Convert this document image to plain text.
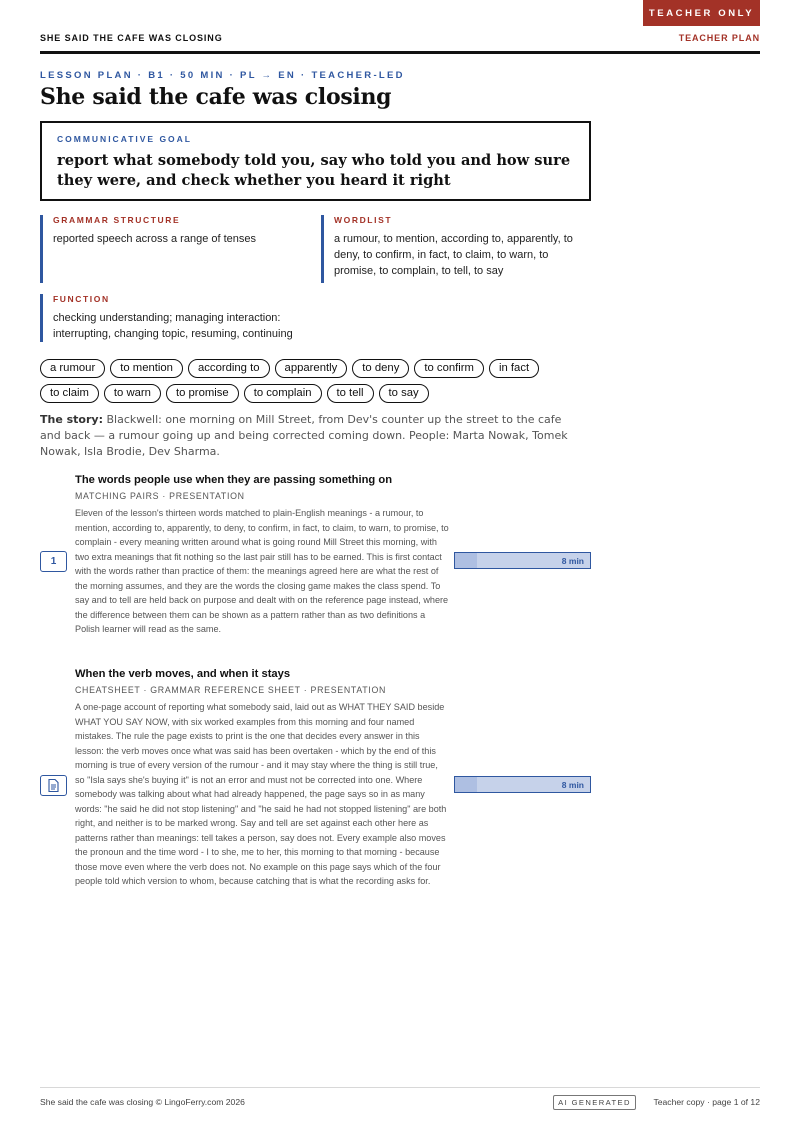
TEACHER ONLY
SHE SAID THE CAFE WAS CLOSING	TEACHER PLAN
LESSON PLAN · B1 · 50 MIN · PL → EN · TEACHER-LED
She said the cafe was closing
COMMUNICATIVE GOAL
report what somebody told you, say who told you and how sure they were, and check whether you heard it right
GRAMMAR STRUCTURE
reported speech across a range of tenses
WORDLIST
a rumour, to mention, according to, apparently, to deny, to confirm, in fact, to claim, to warn, to promise, to complain, to tell, to say
FUNCTION
checking understanding; managing interaction: interrupting, changing topic, resuming, continuing
a rumour	to mention	according to	apparently	to deny	to confirm	in fact
to claim	to warn	to promise	to complain	to tell	to say

The story: Blackwell: one morning on Mill Street, from Dev's counter up the street to the cafe and back — a rumour going up and being corrected coming down. People: Marta Nowak, Tomek Nowak, Isla Brodie, Dev Sharma.

The words people use when they are passing something on
MATCHING PAIRS · PRESENTATION
Eleven of the lesson's thirteen words matched to plain-English meanings - a rumour, to mention, according to, apparently, to deny, to confirm, in fact, to claim, to warn, to promise, to complain - every meaning written around what is going round Mill Street this morning, with two extra meanings that fit nothing so the last pair still has to be earned. This is first contact with the words rather than practice of them: the meanings agreed here are what the rest of the morning assumes, and they are the words the closing game makes the class spend. To say and to tell are held back on purpose and dealt with on the reference page instead, where the difference between them can be shown as a pattern rather than as two definitions a Polish learner will read as the same.
1	8 min
When the verb moves, and when it stays
CHEATSHEET · GRAMMAR REFERENCE SHEET · PRESENTATION
A one-page account of reporting what somebody said, laid out as WHAT THEY SAID beside WHAT YOU SAY NOW, with six worked examples from this morning and four named mistakes. The rule the page exists to print is the one that decides every answer in this lesson: the verb moves once what was said has been overtaken - which by the end of this morning is true of every version of the rumour - and it may stay where the thing is still true, so "Isla says she's buying it" is not an error and must not be corrected into one. Where somebody was talking about what had already happened, the page says so in as many words: "he said he did not stop listening" and "he said he had not stopped listening" are both right, and neither is to be marked wrong. Say and tell are set against each other here as patterns rather than meanings: tell takes a person, say does not. Every example also moves the pronoun and the time word - I to she, me to her, this morning to that morning - because those move even where the verb does not. No example on this page says which of the four people told which version to whom, because catching that is what the recording asks for.
8 min
She said the cafe was closing © LingoFerry.com 2026	AI GENERATED	Teacher copy · page 1 of 12
